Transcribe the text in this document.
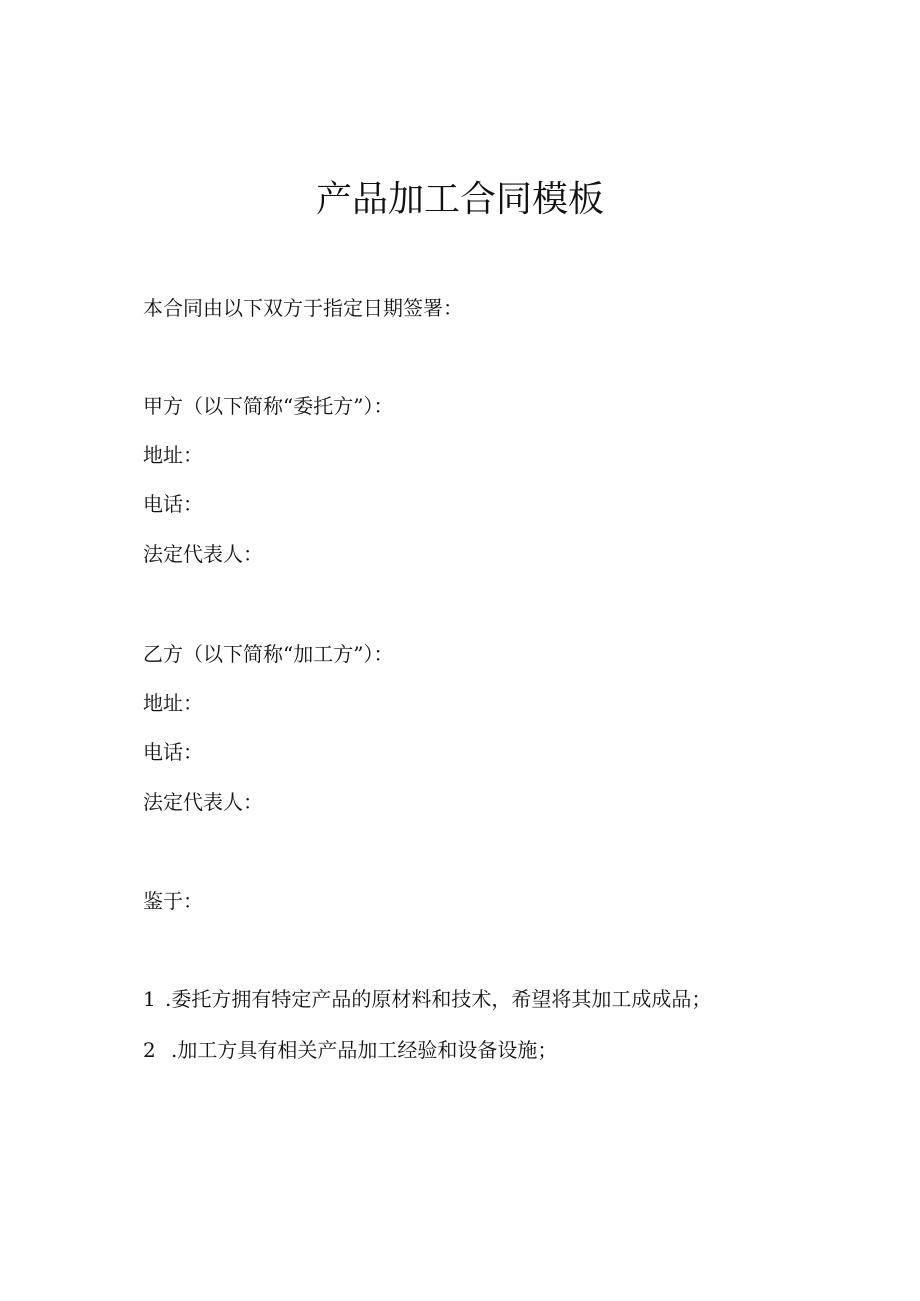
产品加工合同模板
本合同由以下双方于指定日期签署：
甲方（以下简称“委托方”）：
地址：
电话：
法定代表人：
乙方（以下简称“加工方”）：
地址：
电话：
法定代表人：
鉴于：
1 .委托方拥有特定产品的原材料和技术，希望将其加工成成品；
2 .加工方具有相关产品加工经验和设备设施；
